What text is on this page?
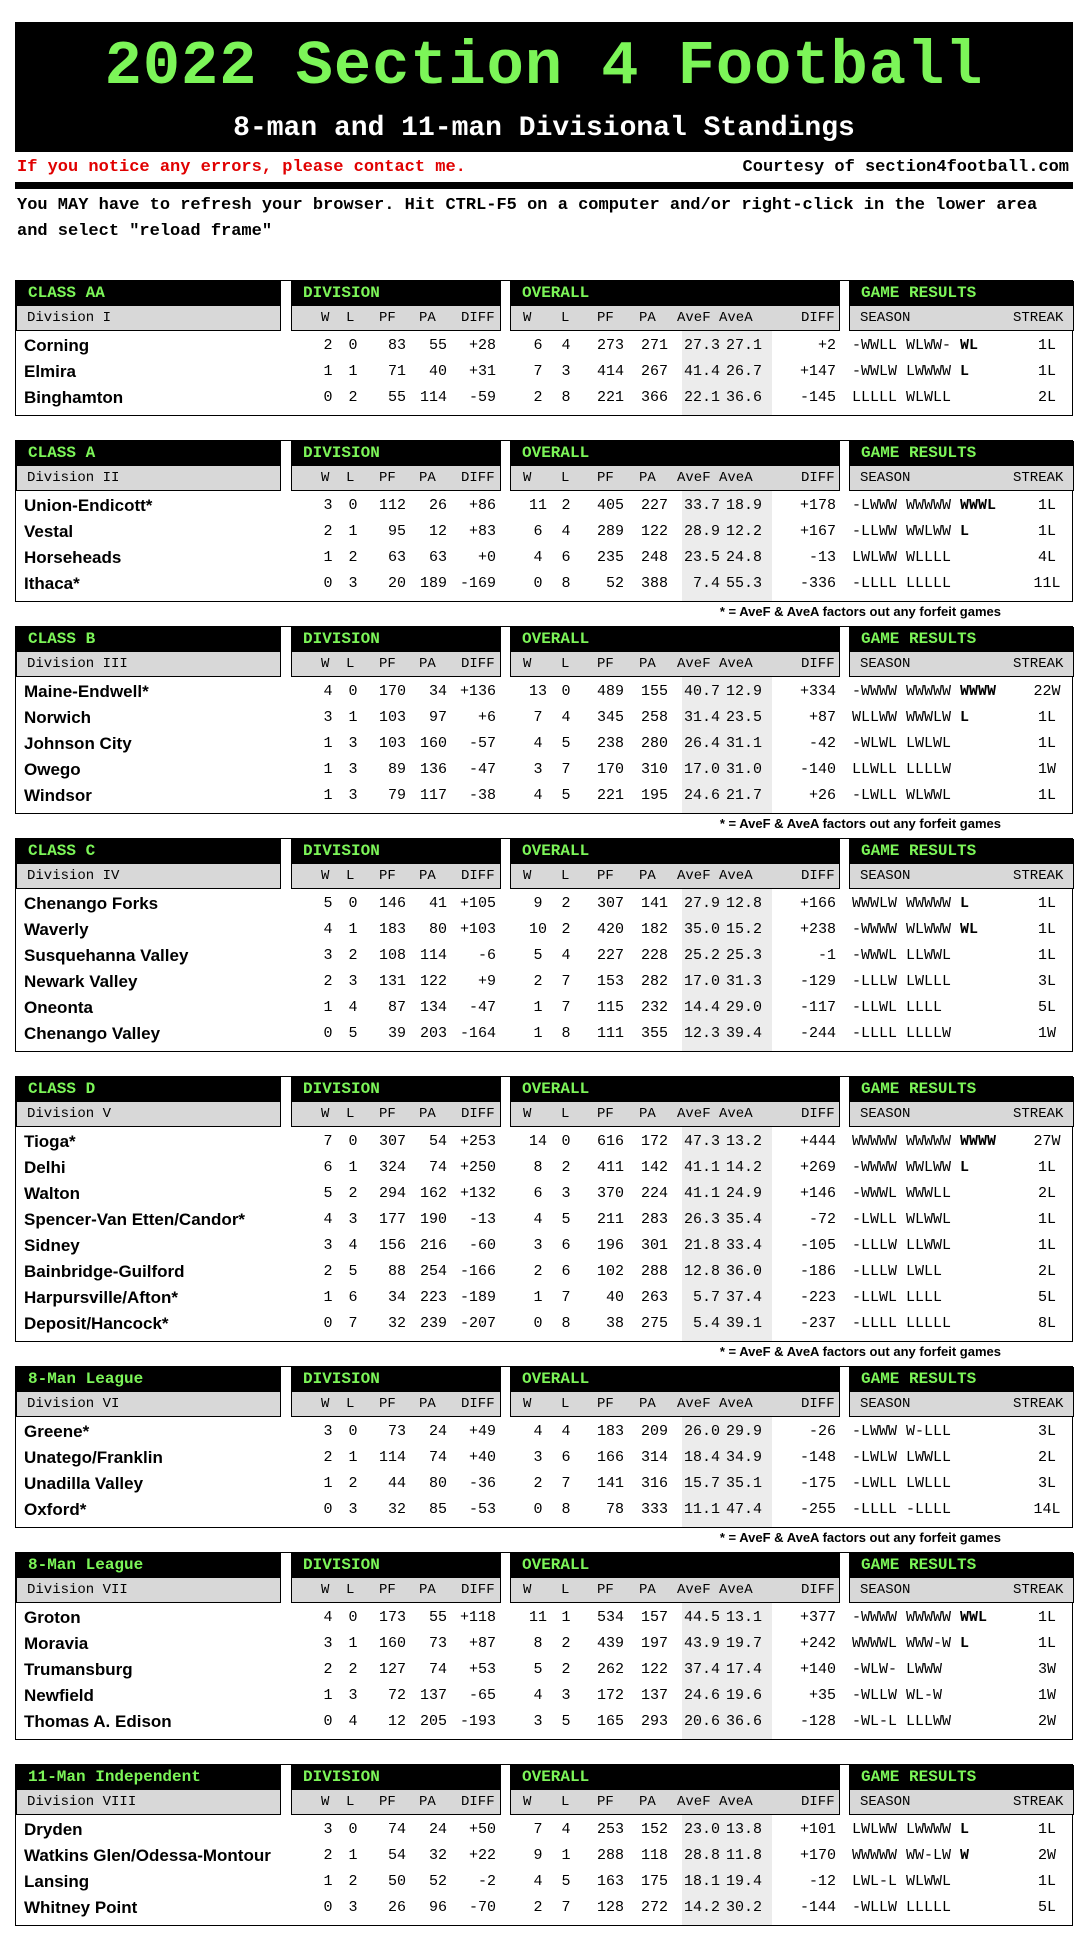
2022 Section 4 Football
8-man and 11-man Divisional Standings
If you notice any errors, please contact me.	Courtesy of section4football.com
You MAY have to refresh your browser. Hit CTRL-F5 on a computer and/or right-click in the lower area and select "reload frame"
CLASS AA
Division I
DIVISION
W L PF PA DIFF
OVERALL
W L PF PA AveF AveA	DIFF
GAME RESULTS
SEASON	STREAK
Corning	2	0	83	55	+28	6	4	273	271	27.3 27.1	+2 -WWLL WLWW- WL	1L
Elmira	1	1	71	40	+31	7	3	414	267	41.4 26.7	+147 -WWLW LWWWW L	1L
Binghamton	0	2	55 114	-59	2	8	221	366	22.1 36.6	-145 LLLLL WLWLL	2L
CLASS A
Division II
DIVISION
W L PF PA DIFF
OVERALL
W L PF PA AveF AveA	DIFF
GAME RESULTS
SEASON	STREAK
Union-Endicott*	3	0	112	26	+86	11 2	405	227	33.7 18.9	+178 -LWWW WWWWW WWWL	1L
Vestal	2	1	95	12	+83	6	4	289	122	28.9 12.2	+167 -LLWW WWLWW L	1L
Horseheads	1	2	63	63	+0	4	6	235	248	23.5 24.8	-13 LWLWW WLLLL	4L
Ithaca*	0	3	20 189 -169	0	8	52	388	7.4 55.3	-336 -LLLL LLLLL	11L
* = AveF & AveA factors out any forfeit games
CLASS B
Division III
DIVISION
W L PF PA DIFF
OVERALL
W L PF PA AveF AveA	DIFF
GAME RESULTS
SEASON	STREAK
Maine-Endwell*	4	0	170	34 +136	13 0	489	155	40.7 12.9	+334 -WWWW WWWWW WWWW	22W
Norwich	3	1	103	97	+6	7	4	345	258	31.4 23.5	+87 WLLWW WWWLW L	1L
Johnson City	1	3	103 160	-57	4	5	238	280	26.4 31.1	-42 -WLWL LWLWL	1L
Owego	1	3	89 136	-47	3	7	170	310	17.0 31.0	-140 LLWLL LLLLW	1W
Windsor	1	3	79 117	-38	4	5	221	195	24.6 21.7	+26 -LWLL WLWWL	1L
* = AveF & AveA factors out any forfeit games
CLASS C
Division IV
DIVISION
W L PF PA DIFF
OVERALL
W L PF PA AveF AveA	DIFF
GAME RESULTS
SEASON	STREAK
Chenango Forks	5	0	146	41 +105	9	2	307	141	27.9 12.8	+166 WWWLW WWWWW L	1L
Waverly	4	1	183	80 +103	10 2	420	182	35.0 15.2	+238 -WWWW WLWWW WL	1L
Susquehanna Valley	3	2	108 114	-6	5	4	227	228	25.2 25.3	-1 -WWWL LLWWL	1L
Newark Valley	2	3	131 122	+9	2	7	153	282	17.0 31.3	-129 -LLLW LWLLL	3L
Oneonta	1	4	87 134	-47	1	7	115	232	14.4 29.0	-117 -LLWL LLLL	5L
Chenango Valley	0	5	39 203 -164	1	8	111	355	12.3 39.4	-244 -LLLL LLLLW	1W
CLASS D
Division V
DIVISION
W L PF PA DIFF
OVERALL
W L PF PA AveF AveA	DIFF
GAME RESULTS
SEASON	STREAK
Tioga*	7	0	307	54 +253	14 0	616	172	47.3 13.2	+444 WWWWW WWWWW WWWW	27W
Delhi	6	1	324	74 +250	8	2	411	142	41.1 14.2	+269 -WWWW WWLWW L	1L
Walton	5	2	294 162 +132	6	3	370	224	41.1 24.9	+146 -WWWL WWWLL	2L
Spencer-Van Etten/Candor*	4	3	177 190	-13	4	5	211	283	26.3 35.4	-72 -LWLL WLWWL	1L
Sidney	3	4	156 216	-60	3	6	196	301	21.8 33.4	-105 -LLLW LLWWL	1L
Bainbridge-Guilford	2	5	88 254 -166	2	6	102	288	12.8 36.0	-186 -LLLW LWLL	2L
Harpursville/Afton*	1	6	34 223 -189	1	7	40	263	5.7 37.4	-223 -LLWL LLLL	5L
Deposit/Hancock*	0	7	32 239 -207	0	8	38	275	5.4 39.1	-237 -LLLL LLLLL	8L
* = AveF & AveA factors out any forfeit games
8-Man League
Division VI
DIVISION
W L PF PA DIFF
OVERALL
W L PF PA AveF AveA	DIFF
GAME RESULTS
SEASON	STREAK
Greene*	3	0	73	24	+49	4	4	183	209	26.0 29.9	-26 -LWWW W-LLL	3L
Unatego/Franklin	2	1	114	74	+40	3	6	166	314	18.4 34.9	-148 -LWLW LWWLL	2L
Unadilla Valley	1	2	44	80	-36	2	7	141	316	15.7 35.1	-175 -LWLL LWLLL	3L
Oxford*	0	3	32	85	-53	0	8	78	333	11.1 47.4	-255 -LLLL -LLLL	14L
* = AveF & AveA factors out any forfeit games
8-Man League
Division VII
DIVISION
W L PF PA DIFF
OVERALL
W L PF PA AveF AveA	DIFF
GAME RESULTS
SEASON	STREAK
Groton	4	0	173	55 +118	11 1	534	157	44.5 13.1	+377 -WWWW WWWWW WWL	1L
Moravia	3	1	160	73	+87	8	2	439	197	43.9 19.7	+242 WWWWL WWW-W L	1L
Trumansburg	2	2	127	74	+53	5	2	262	122	37.4 17.4	+140 -WLW- LWWW	3W
Newfield	1	3	72 137	-65	4	3	172	137	24.6 19.6	+35 -WLLW WL-W	1W
Thomas A. Edison	0	4	12 205 -193	3	5	165	293	20.6 36.6	-128 -WL-L LLLWW	2W
11-Man Independent
Division VIII
DIVISION
W L PF PA DIFF
OVERALL
W L PF PA AveF AveA	DIFF
GAME RESULTS
SEASON	STREAK
Dryden	3	0	74	24	+50	7	4	253	152	23.0 13.8	+101 LWLWW LWWWW L	1L
Watkins Glen/Odessa-Montour	2	1	54	32	+22	9	1	288	118	28.8 11.8	+170 WWWWW WW-LW W	2W
Lansing	1	2	50	52	-2	4	5	163	175	18.1 19.4	-12 LWL-L WLWWL	1L
Whitney Point	0	3	26	96	-70	2	7	128	272	14.2 30.2	-144 -WLLW LLLLL	5L
